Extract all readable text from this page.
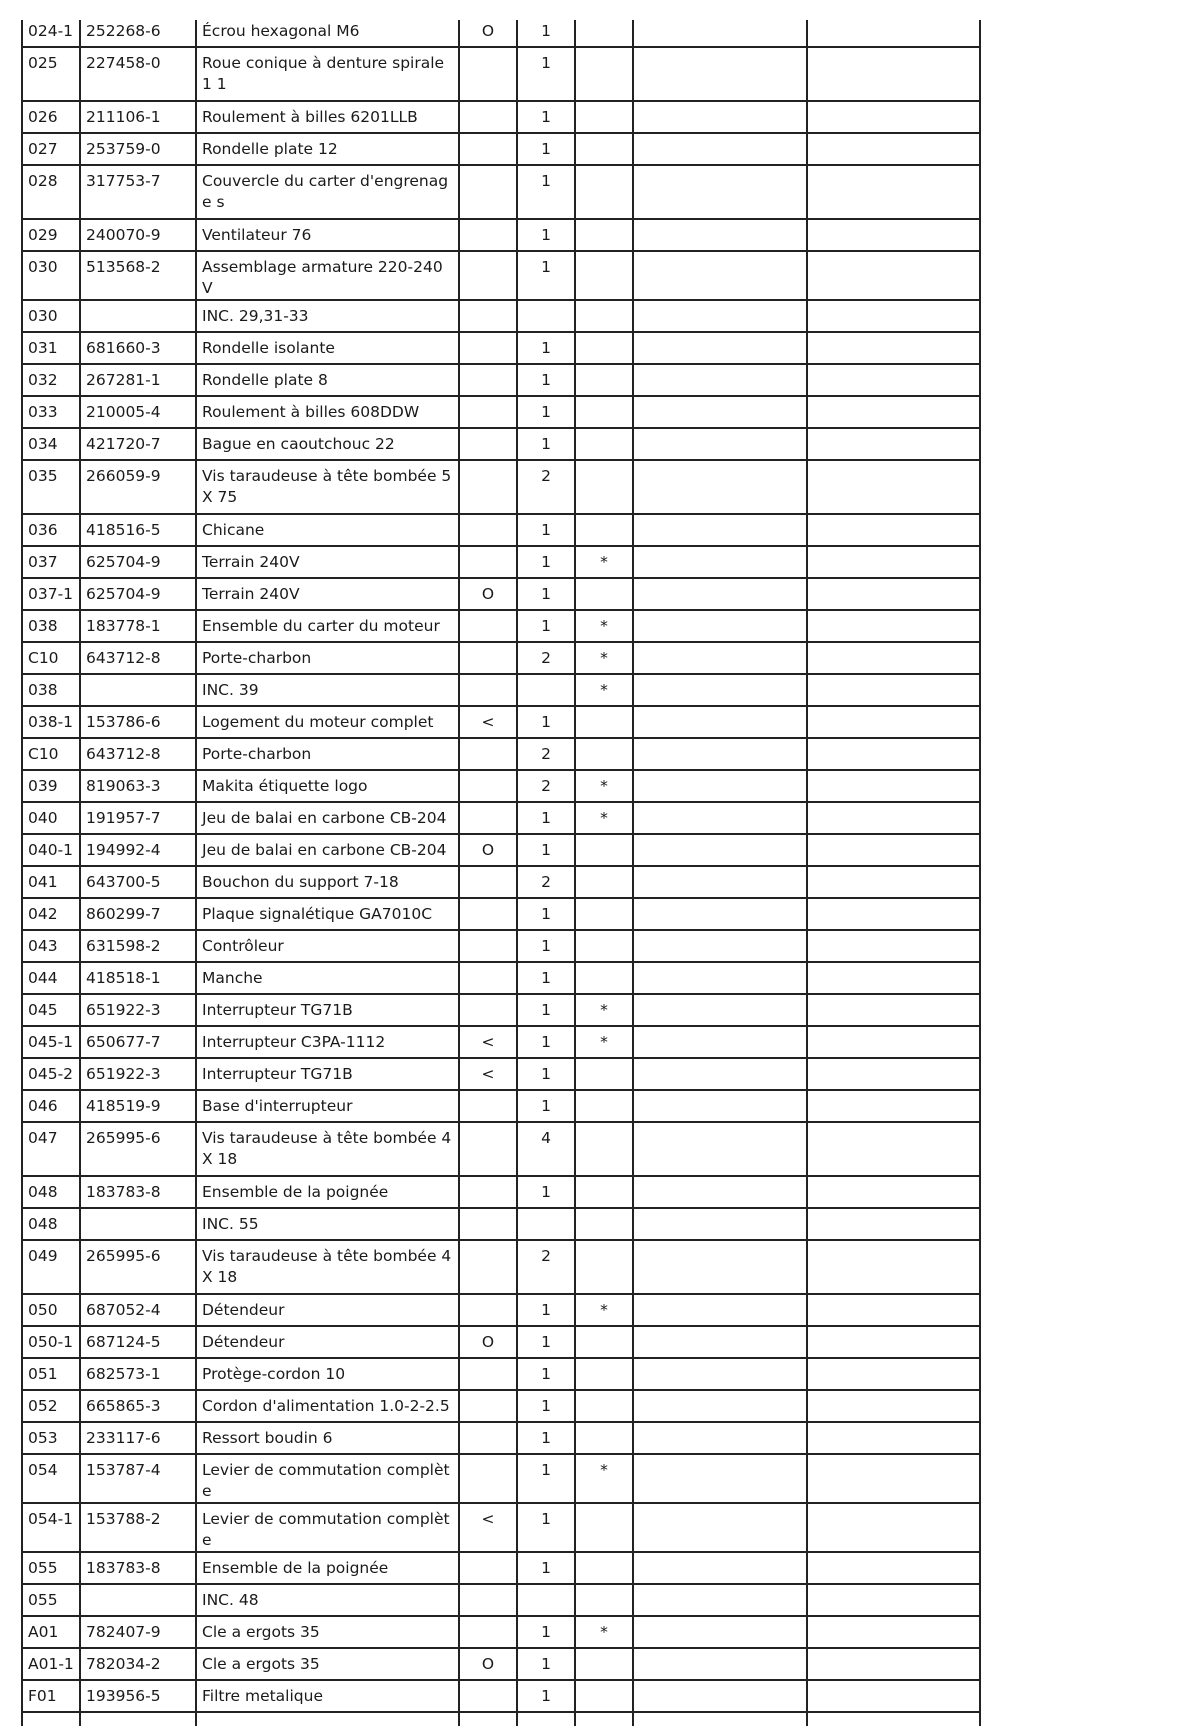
024-1	252268-6	Écrou hexagonal M6	O	1			
025	227458-0	Roue conique à denture spirale 1 1		1			
026	211106-1	Roulement à billes 6201LLB		1			
027	253759-0	Rondelle plate 12		1			
028	317753-7	Couvercle du carter d'engrenage s		1			
029	240070-9	Ventilateur 76		1			
030	513568-2	Assemblage armature 220-240V		1			
030		INC. 29,31-33					
031	681660-3	Rondelle isolante		1			
032	267281-1	Rondelle plate 8		1			
033	210005-4	Roulement à billes 608DDW		1			
034	421720-7	Bague en caoutchouc 22		1			
035	266059-9	Vis taraudeuse à tête bombée 5X 75		2			
036	418516-5	Chicane		1			
037	625704-9	Terrain 240V		1	*		
037-1	625704-9	Terrain 240V	O	1			
038	183778-1	Ensemble du carter du moteur		1	*		
C10	643712-8	Porte-charbon		2	*		
038		INC. 39			*		
038-1	153786-6	Logement du moteur complet	<	1			
C10	643712-8	Porte-charbon		2			
039	819063-3	Makita étiquette logo		2	*		
040	191957-7	Jeu de balai en carbone CB-204		1	*		
040-1	194992-4	Jeu de balai en carbone CB-204	O	1			
041	643700-5	Bouchon du support 7-18		2			
042	860299-7	Plaque signalétique GA7010C		1			
043	631598-2	Contrôleur		1			
044	418518-1	Manche		1			
045	651922-3	Interrupteur TG71B		1	*		
045-1	650677-7	Interrupteur C3PA-1112	<	1	*		
045-2	651922-3	Interrupteur TG71B	<	1			
046	418519-9	Base d'interrupteur		1			
047	265995-6	Vis taraudeuse à tête bombée 4X 18		4			
048	183783-8	Ensemble de la poignée		1			
048		INC. 55					
049	265995-6	Vis taraudeuse à tête bombée 4X 18		2			
050	687052-4	Détendeur		1	*		
050-1	687124-5	Détendeur	O	1			
051	682573-1	Protège-cordon 10		1			
052	665865-3	Cordon d'alimentation 1.0-2-2.5		1			
053	233117-6	Ressort boudin 6		1			
054	153787-4	Levier de commutation complète		1	*		
054-1	153788-2	Levier de commutation complète	<	1			
055	183783-8	Ensemble de la poignée		1			
055		INC. 48					
A01	782407-9	Cle a ergots 35		1	*		
A01-1	782034-2	Cle a ergots 35	O	1			
F01	193956-5	Filtre metalique		1			
